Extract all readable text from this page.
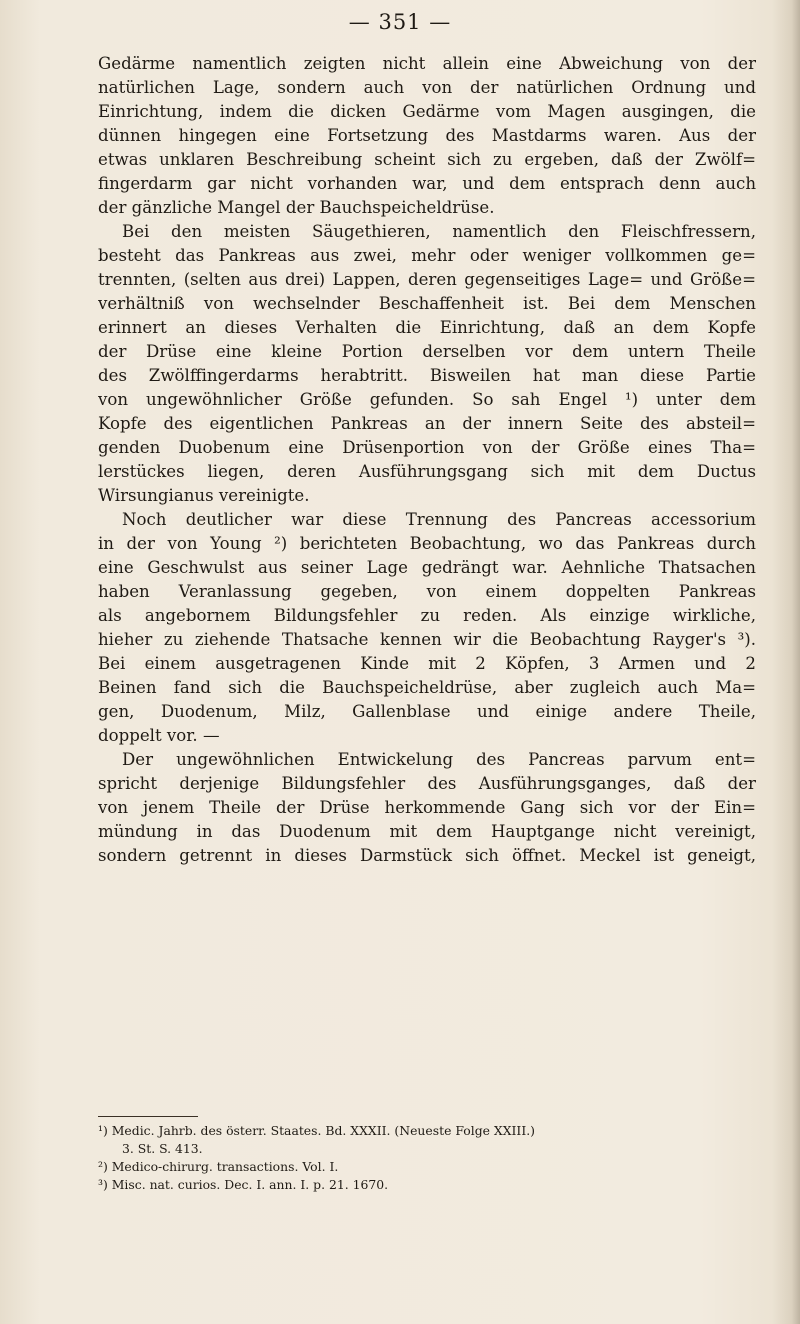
— 351 —
Gedärme namentlich zeigten nicht allein eine Abweichung von der
natürlichen Lage, sondern auch von der natürlichen Ordnung und
Einrichtung, indem die dicken Gedärme vom Magen ausgingen, die
dünnen hingegen eine Fortsetzung des Mastdarms waren. Aus der
etwas unklaren Beschreibung scheint sich zu ergeben, daß der Zwölf=
fingerdarm gar nicht vorhanden war, und dem entsprach denn auch
der gänzliche Mangel der Bauchspeicheldrüse.
Bei den meisten Säugethieren, namentlich den Fleischfressern,
besteht das Pankreas aus zwei, mehr oder weniger vollkommen ge=
trennten, (selten aus drei) Lappen, deren gegenseitiges Lage= und Größe=
verhältniß von wechselnder Beschaffenheit ist. Bei dem Menschen
erinnert an dieses Verhalten die Einrichtung, daß an dem Kopfe
der Drüse eine kleine Portion derselben vor dem untern Theile
des Zwölffingerdarms herabtritt. Bisweilen hat man diese Partie
von ungewöhnlicher Größe gefunden. So sah Engel ¹) unter dem
Kopfe des eigentlichen Pankreas an der innern Seite des absteil=
genden Duobenum eine Drüsenportion von der Größe eines Tha=
lerstückes liegen, deren Ausführungsgang sich mit dem Ductus
Wirsungianus vereinigte.
Noch deutlicher war diese Trennung des Pancreas accessorium
in der von Young ²) berichteten Beobachtung, wo das Pankreas durch
eine Geschwulst aus seiner Lage gedrängt war. Aehnliche Thatsachen
haben Veranlassung gegeben, von einem doppelten Pankreas
als angebornem Bildungsfehler zu reden. Als einzige wirkliche,
hieher zu ziehende Thatsache kennen wir die Beobachtung Rayger's ³).
Bei einem ausgetragenen Kinde mit 2 Köpfen, 3 Armen und 2
Beinen fand sich die Bauchspeicheldrüse, aber zugleich auch Ma=
gen, Duodenum, Milz, Gallenblase und einige andere Theile,
doppelt vor. —
Der ungewöhnlichen Entwickelung des Pancreas parvum ent=
spricht derjenige Bildungsfehler des Ausführungsganges, daß der
von jenem Theile der Drüse herkommende Gang sich vor der Ein=
mündung in das Duodenum mit dem Hauptgange nicht vereinigt,
sondern getrennt in dieses Darmstück sich öffnet. Meckel ist geneigt,
¹) Medic. Jahrb. des österr. Staates. Bd. XXXII. (Neueste Folge XXIII.)
3. St. S. 413.
²) Medico-chirurg. transactions. Vol. I.
³) Misc. nat. curios. Dec. I. ann. I. p. 21. 1670.
